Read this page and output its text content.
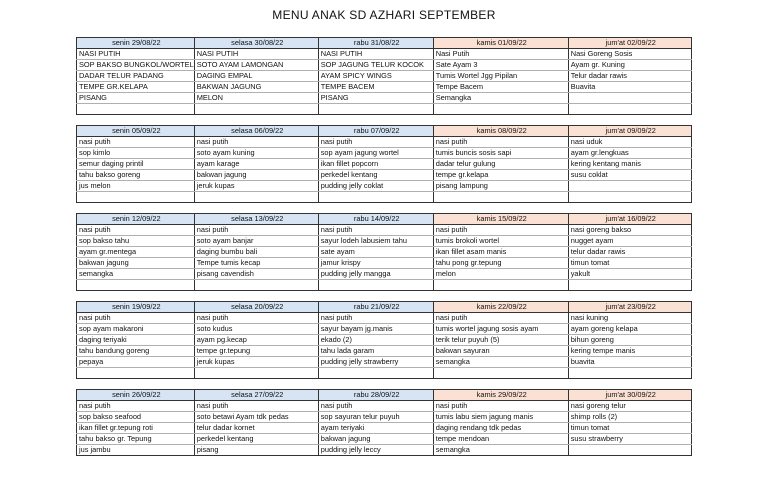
MENU ANAK SD AZHARI SEPTEMBER
senin 29/08/22	selasa 30/08/22	rabu 31/08/22	kamis 01/09/22	jum'at 02/09/22
NASI PUTIH	NASI PUTIH	NASI PUTIH	Nasi Putih	Nasi Goreng Sosis
SOP BAKSO BUNGKOL/WORTEL	SOTO AYAM LAMONGAN	SOP JAGUNG TELUR KOCOK	Sate Ayam 3	Ayam gr. Kuning
DADAR TELUR PADANG	DAGING EMPAL	AYAM SPICY WINGS	Tumis Wortel Jgg Pipilan	Telur dadar rawis
TEMPE GR.KELAPA	BAKWAN JAGUNG	TEMPE BACEM	Tempe Bacem	Buavita
PISANG	MELON	PISANG	Semangka	

senin 05/09/22	selasa 06/09/22	rabu 07/09/22	kamis 08/09/22	jum'at 09/09/22
nasi putih	nasi putih	nasi putih	nasi putih	nasi uduk
sop kimlo	soto ayam kuning	sop ayam jagung wortel	tumis buncis sosis sapi	ayam gr.lengkuas
semur daging printil	ayam karage	ikan fillet popcorn	dadar telur gulung	kering kentang manis
tahu bakso goreng	bakwan jagung	perkedel kentang	tempe gr.kelapa	susu coklat
jus melon	jeruk kupas	pudding jelly coklat	pisang lampung	

senin 12/09/22	selasa 13/09/22	rabu 14/09/22	kamis 15/09/22	jum'at 16/09/22
nasi putih	nasi putih	nasi putih	nasi putih	nasi goreng bakso
sop bakso tahu	soto ayam banjar	sayur lodeh labusiem tahu	tumis brokoli wortel	nugget ayam
ayam gr.mentega	daging bumbu bali	sate ayam	ikan fillet asam manis	telur dadar rawis
bakwan jagung	Tempe tumis kecap	jamur krispy	tahu pong gr.tepung	timun tomat
semangka	pisang cavendish	pudding jelly mangga	melon	yakult

senin 19/09/22	selasa 20/09/22	rabu 21/09/22	kamis 22/09/22	jum'at 23/09/22
nasi putih	nasi putih	nasi putih	nasi putih	nasi kuning
sop ayam makaroni	soto kudus	sayur bayam jg.manis	tumis wortel jagung sosis ayam	ayam goreng kelapa
daging teriyaki	ayam pg.kecap	ekado (2)	terik telur puyuh (5)	bihun goreng
tahu bandung goreng	tempe gr.tepung	tahu lada garam	bakwan sayuran	kering tempe manis
pepaya	jeruk kupas	pudding jelly strawberry	semangka	buavita

senin 26/09/22	selasa 27/09/22	rabu 28/09/22	kamis 29/09/22	jum'at 30/09/22
nasi putih	nasi putih	nasi putih	nasi putih	nasi goreng telur
sop bakso seafood	soto betawi Ayam tdk pedas	sop sayuran telur puyuh	tumis labu siem jagung manis	shimp rolls (2)
ikan fillet gr.tepung roti	telur dadar kornet	ayam teriyaki	daging rendang tdk pedas	timun tomat
tahu bakso gr. Tepung	perkedel kentang	bakwan jagung	tempe mendoan	susu strawberry
jus jambu	pisang	pudding jelly leccy	semangka	
